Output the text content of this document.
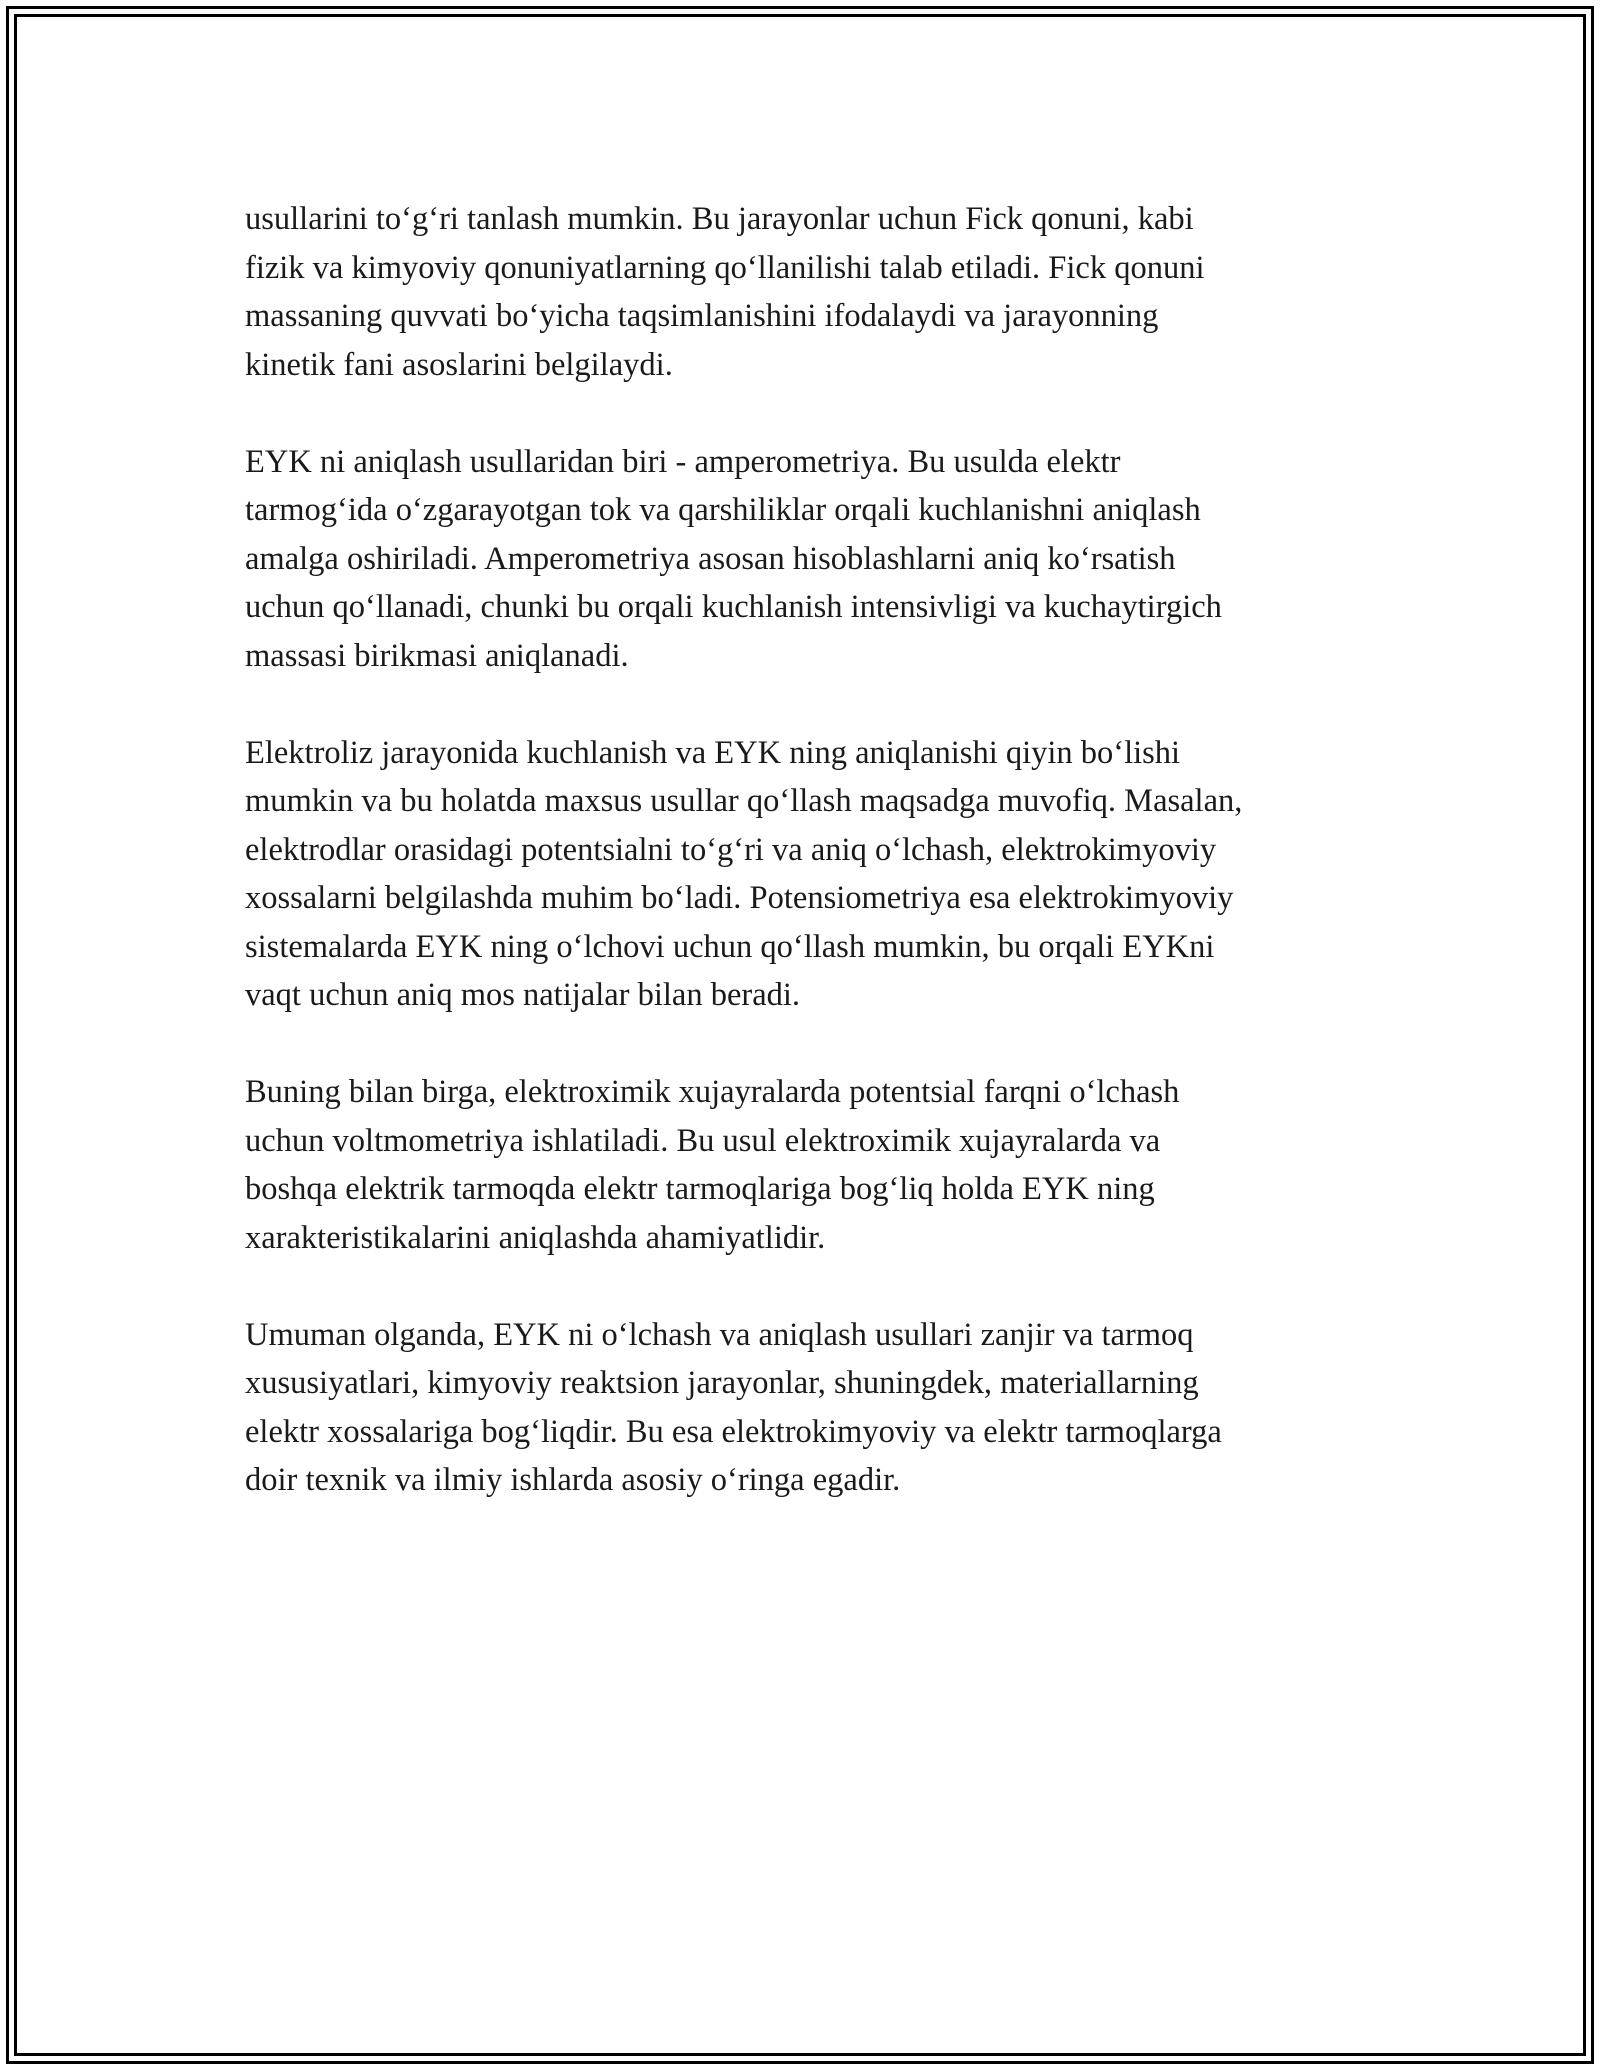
usullarini to‘g‘ri tanlash mumkin. Bu jarayonlar uchun Fick qonuni, kabi
fizik va kimyoviy qonuniyatlarning qo‘llanilishi talab etiladi. Fick qonuni
massaning quvvati bo‘yicha taqsimlanishini ifodalaydi va jarayonning
kinetik fani asoslarini belgilaydi.

EYK ni aniqlash usullaridan biri - amperometriya. Bu usulda elektr
tarmog‘ida o‘zgarayotgan tok va qarshiliklar orqali kuchlanishni aniqlash
amalga oshiriladi. Amperometriya asosan hisoblashlarni aniq ko‘rsatish
uchun qo‘llanadi, chunki bu orqali kuchlanish intensivligi va kuchaytirgich
massasi birikmasi aniqlanadi.

Elektroliz jarayonida kuchlanish va EYK ning aniqlanishi qiyin bo‘lishi
mumkin va bu holatda maxsus usullar qo‘llash maqsadga muvofiq. Masalan,
elektrodlar orasidagi potentsialni to‘g‘ri va aniq o‘lchash, elektrokimyoviy
xossalarni belgilashda muhim bo‘ladi. Potensiometriya esa elektrokimyoviy
sistemalarda EYK ning o‘lchovi uchun qo‘llash mumkin, bu orqali EYKni
vaqt uchun aniq mos natijalar bilan beradi.

Buning bilan birga, elektroximik xujayralarda potentsial farqni o‘lchash
uchun voltmometriya ishlatiladi. Bu usul elektroximik xujayralarda va
boshqa elektrik tarmoqda elektr tarmoqlariga bog‘liq holda EYK ning
xarakteristikalarini aniqlashda ahamiyatlidir.

Umuman olganda, EYK ni o‘lchash va aniqlash usullari zanjir va tarmoq
xususiyatlari, kimyoviy reaktsion jarayonlar, shuningdek, materiallarning
elektr xossalariga bog‘liqdir. Bu esa elektrokimyoviy va elektr tarmoqlarga
doir texnik va ilmiy ishlarda asosiy o‘ringa egadir.
